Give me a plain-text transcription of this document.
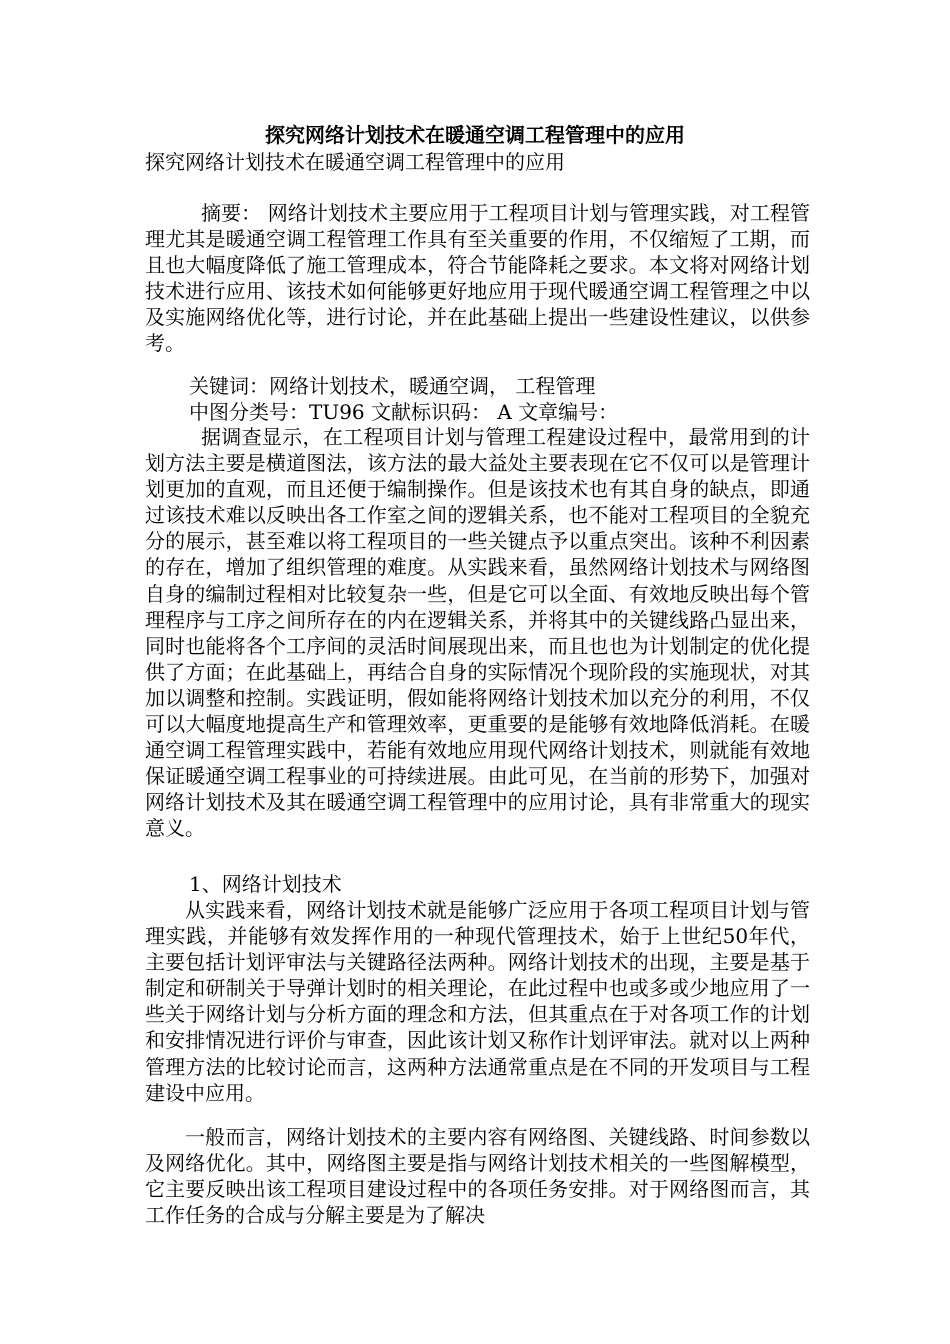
探究网络计划技术在暖通空调工程管理中的应用
探究网络计划技术在暖通空调工程管理中的应用

摘要： 网络计划技术主要应用于工程项目计划与管理实践，对工程管理尤其是暖通空调工程管理工作具有至关重要的作用，不仅缩短了工期，而且也大幅度降低了施工管理成本，符合节能降耗之要求。本文将对网络计划技术进行应用、该技术如何能够更好地应用于现代暖通空调工程管理之中以及实施网络优化等，进行讨论，并在此基础上提出一些建设性建议，以供参考。

关键词：网络计划技术，暖通空调， 工程管理

中图分类号：TU96 文献标识码： A 文章编号：

据调查显示，在工程项目计划与管理工程建设过程中，最常用到的计划方法主要是横道图法，该方法的最大益处主要表现在它不仅可以是管理计划更加的直观，而且还便于编制操作。但是该技术也有其自身的缺点，即通过该技术难以反映出各工作室之间的逻辑关系，也不能对工程项目的全貌充分的展示，甚至难以将工程项目的一些关键点予以重点突出。该种不利因素的存在，增加了组织管理的难度。从实践来看，虽然网络计划技术与网络图自身的编制过程相对比较复杂一些，但是它可以全面、有效地反映出每个管理程序与工序之间所存在的内在逻辑关系，并将其中的关键线路凸显出来，同时也能将各个工序间的灵活时间展现出来，而且也也为计划制定的优化提供了方面；在此基础上，再结合自身的实际情况个现阶段的实施现状，对其加以调整和控制。实践证明，假如能将网络计划技术加以充分的利用，不仅可以大幅度地提高生产和管理效率，更重要的是能够有效地降低消耗。在暖通空调工程管理实践中，若能有效地应用现代网络计划技术，则就能有效地保证暖通空调工程事业的可持续进展。由此可见，在当前的形势下，加强对网络计划技术及其在暖通空调工程管理中的应用讨论，具有非常重大的现实意义。

1、网络计划技术

从实践来看，网络计划技术就是能够广泛应用于各项工程项目计划与管理实践，并能够有效发挥作用的一种现代管理技术，始于上世纪50年代，主要包括计划评审法与关键路径法两种。网络计划技术的出现，主要是基于制定和研制关于导弹计划时的相关理论，在此过程中也或多或少地应用了一些关于网络计划与分析方面的理念和方法，但其重点在于对各项工作的计划和安排情况进行评价与审查，因此该计划又称作计划评审法。就对以上两种管理方法的比较讨论而言，这两种方法通常重点是在不同的开发项目与工程建设中应用。

一般而言，网络计划技术的主要内容有网络图、关键线路、时间参数以及网络优化。其中，网络图主要是指与网络计划技术相关的一些图解模型，它主要反映出该工程项目建设过程中的各项任务安排。对于网络图而言，其工作任务的合成与分解主要是为了解决
